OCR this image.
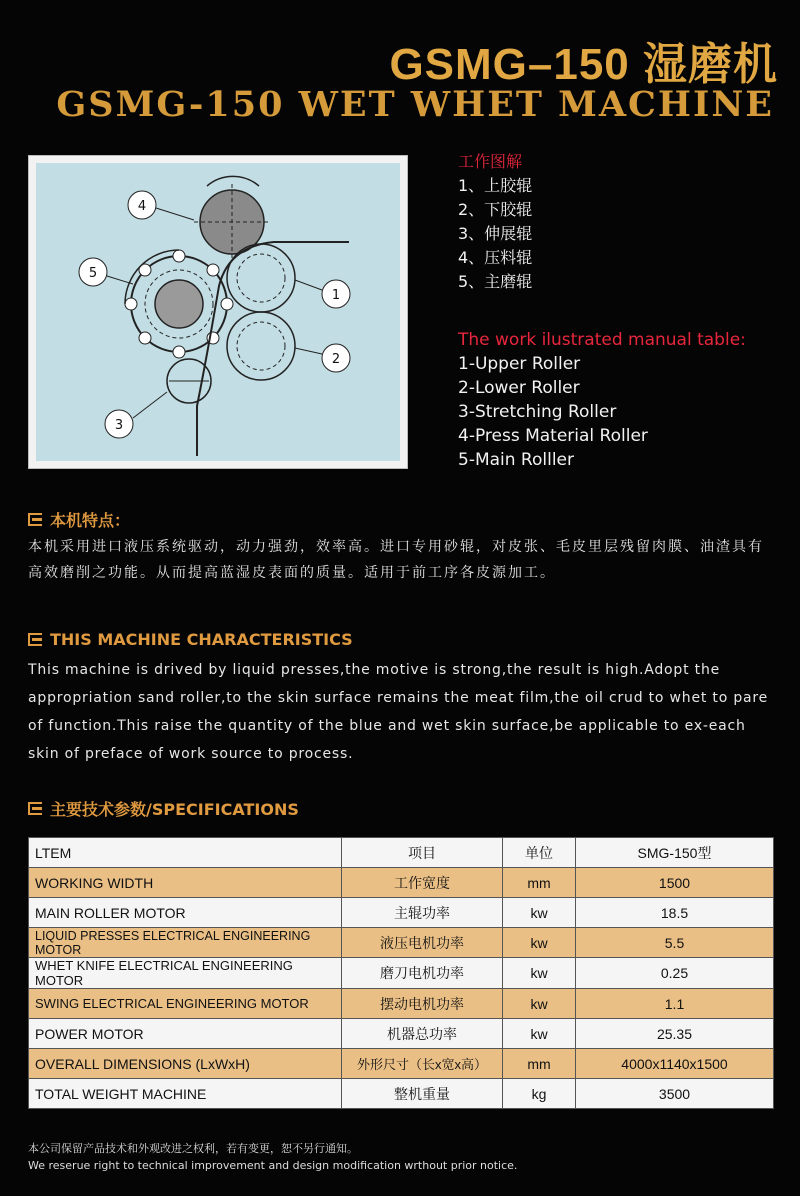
GSMG–150 湿磨机
GSMG-150 WET WHET MACHINE
4
5
1
2
3
工作图解
1、上胶辊
2、下胶辊
3、伸展辊
4、压料辊
5、主磨辊
The work ilustrated manual table:
1-Upper Roller
2-Lower Roller
3-Stretching Roller
4-Press Material Roller
5-Main Rolller
本机特点：
本机采用进口液压系统驱动，动力强劲，效率高。进口专用砂辊，对皮张、毛皮里层残留肉膜、油渣具有高效磨削之功能。从而提高蓝湿皮表面的质量。适用于前工序各皮源加工。
THIS MACHINE CHARACTERISTICS
This machine is drived by liquid presses,the motive is strong,the result is high.Adopt the appropriation sand roller,to the skin surface remains the meat film,the oil crud to whet to pare of function.This raise the quantity of the blue and wet skin surface,be applicable to ex-each skin of preface of work source to process.
主要技术参数/SPECIFICATIONS
LTEM	项目	单位	SMG-150型
WORKING WIDTH	工作宽度	mm	1500
MAIN ROLLER MOTOR	主辊功率	kw	18.5
LIQUID PRESSES ELECTRICAL ENGINEERING MOTOR	液压电机功率	kw	5.5
WHET KNIFE ELECTRICAL ENGINEERING MOTOR	磨刀电机功率	kw	0.25
SWING ELECTRICAL ENGINEERING MOTOR	摆动电机功率	kw	1.1
POWER MOTOR	机器总功率	kw	25.35
OVERALL DIMENSIONS (LxWxH)	外形尺寸（长x宽x高）	mm	4000x1140x1500
TOTAL WEIGHT MACHINE	整机重量	kg	3500
本公司保留产品技术和外观改进之权利，若有变更，恕不另行通知。
We reserue right to technical improvement and design modification wrthout prior notice.
